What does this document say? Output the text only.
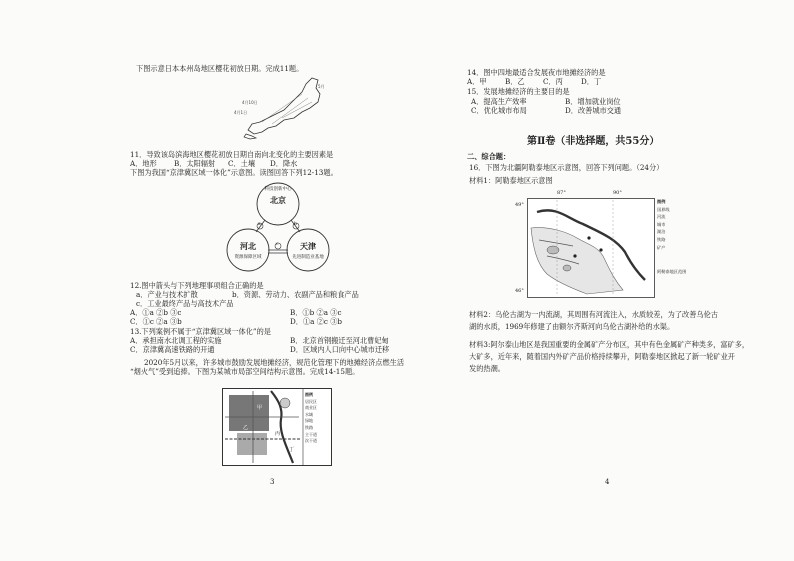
下图示意日本本州岛地区樱花初放日期。完成11题。
4月1日
4月10日
5月
11．导致该岛滨海地区樱花初放日期自南向北变化的主要因素是
A．地形 B．太阳辐射 C．土壤 D．降水
下图为我国“京津冀区域一体化”示意图。读图回答下列12-13题。
科技创新中心
北京
河北
资源保障区域
天津
先进制造业基地
a	b
c
12.图中箭头与下列地理事项组合正确的是
a．产业与技术扩散	b．资源、劳动力、农副产品和粮食产品
c．工业最终产品与高技术产品
A．①a ②b ③c	B．①b ②a ③c
C．①c ②a ③b	D．①a ②c ③b
13.下列案例不属于“京津冀区域一体化”的是
A．承担南水北调工程的实施	B．北京首钢搬迁至河北曹妃甸
C．京津冀高速铁路的开通	D．区域内人口向中心城市迁移
2020年5月以来，许多城市鼓励发展地摊经济，规范化管理下的地摊经济点燃生活
“烟火气”受到追捧。下图为某城市局部空间结构示意图。完成14-15题。
甲
乙
丙
丁
图例
居民区
商业区
水域
绿地
铁路
主干道
次干道
3
14．图中四地最适合发展夜市地摊经济的是
A．甲	B．乙	C．丙	D．丁
15．发展地摊经济的主要目的是
A．提高生产效率	B．增加就业岗位
C．优化城市布局	D．改善城市交通
第Ⅱ卷（非选择题，共55分）
二、综合题：
16．下图为北疆阿勒泰地区示意图，回答下列问题。（24分）
材料1：阿勒泰地区示意图
87°	90°
49°
46°
图例
国界线
河流
城市
湖泊
铁路
矿产
阿勒泰地区范围
材料2：乌伦古湖为一内流湖，其周围有河流注入，水质较差，为了改善乌伦古
湖的水质，1969年修建了由额尔齐斯河向乌伦古湖补给的水渠。
材料3:阿尔泰山地区是我国重要的金属矿产分布区，其中有色金属矿产种类多，富矿多，
大矿多，近年来，随着国内外矿产品价格持续攀升，阿勒泰地区掀起了新一轮矿业开
发的热潮。
4
